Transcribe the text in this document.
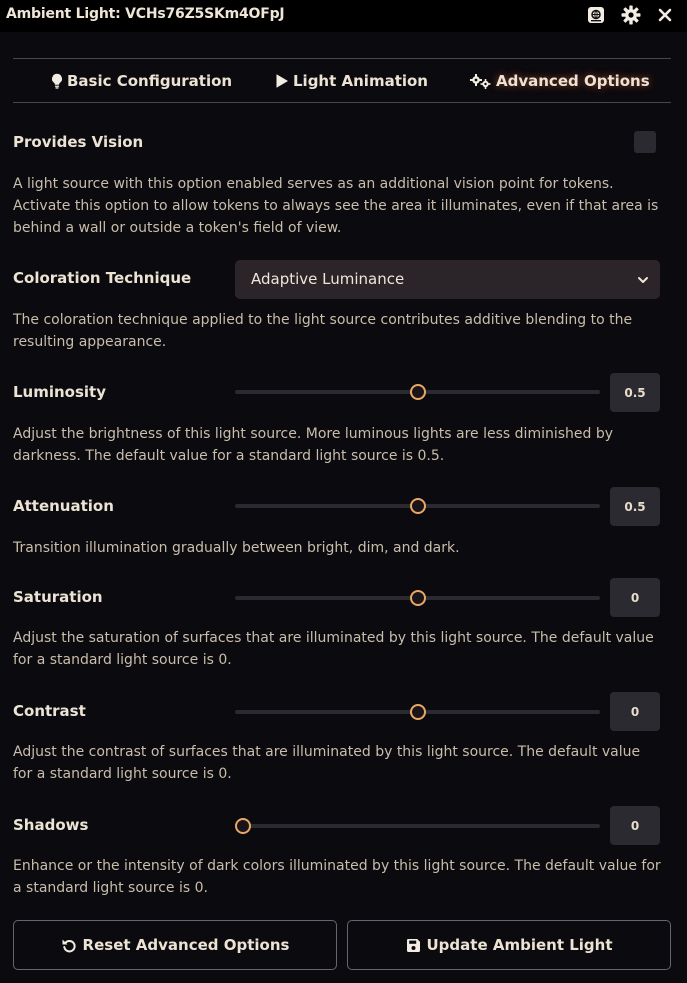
Ambient Light: VCHs76Z5SKm4OFpJ
Basic Configuration	Light Animation	Advanced Options
Provides Vision
A light source with this option enabled serves as an additional vision point for tokens. Activate this option to allow tokens to always see the area it illuminates, even if that area is behind a wall or outside a token's field of view.
Coloration Technique	Adaptive Luminance
The coloration technique applied to the light source contributes additive blending to the resulting appearance.
Luminosity	0.5
Adjust the brightness of this light source. More luminous lights are less diminished by darkness. The default value for a standard light source is 0.5.
Attenuation	0.5
Transition illumination gradually between bright, dim, and dark.
Saturation	0
Adjust the saturation of surfaces that are illuminated by this light source. The default value for a standard light source is 0.
Contrast	0
Adjust the contrast of surfaces that are illuminated by this light source. The default value for a standard light source is 0.
Shadows	0
Enhance or the intensity of dark colors illuminated by this light source. The default value for a standard light source is 0.
Reset Advanced Options	Update Ambient Light
